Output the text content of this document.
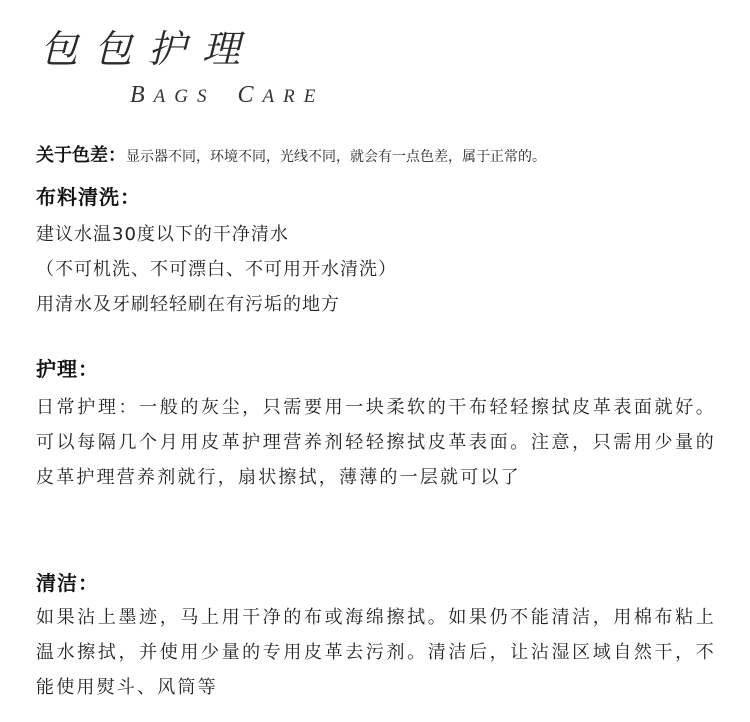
包包护理
BAGS CARE
关于色差：显示器不同，环境不同，光线不同，就会有一点色差，属于正常的。
布料清洗：
建议水温30度以下的干净清水
（不可机洗、不可漂白、不可用开水清洗）
用清水及牙刷轻轻刷在有污垢的地方
护理：
日常护理：一般的灰尘，只需要用一块柔软的干布轻轻擦拭皮革表面就好。可以每隔几个月用皮革护理营养剂轻轻擦拭皮革表面。注意，只需用少量的皮革护理营养剂就行，扇状擦拭，薄薄的一层就可以了
清洁：
如果沾上墨迹，马上用干净的布或海绵擦拭。如果仍不能清洁，用棉布粘上温水擦拭，并使用少量的专用皮革去污剂。清洁后，让沾湿区域自然干，不能使用熨斗、风筒等
